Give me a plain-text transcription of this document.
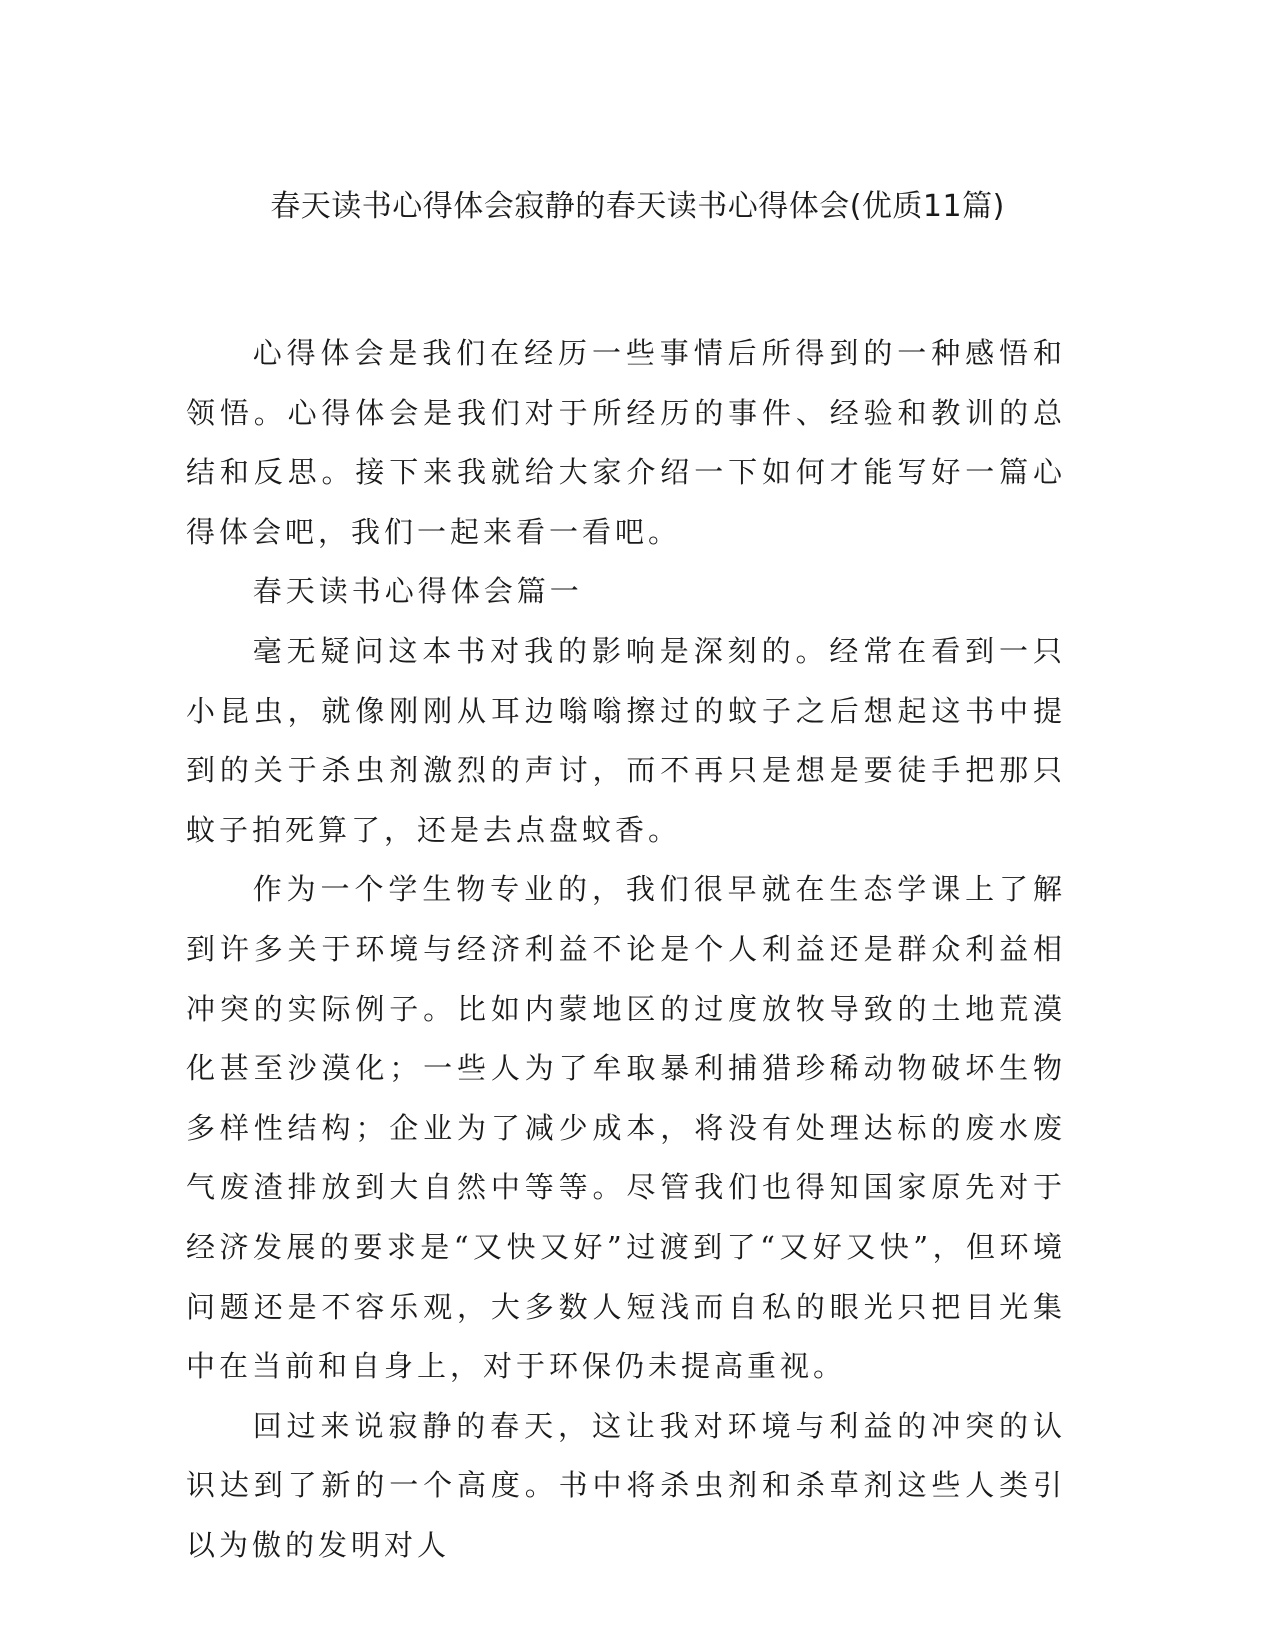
春天读书心得体会寂静的春天读书心得体会(优质11篇)

心得体会是我们在经历一些事情后所得到的一种感悟和领悟。心得体会是我们对于所经历的事件、经验和教训的总结和反思。接下来我就给大家介绍一下如何才能写好一篇心得体会吧，我们一起来看一看吧。

春天读书心得体会篇一

毫无疑问这本书对我的影响是深刻的。经常在看到一只小昆虫，就像刚刚从耳边嗡嗡擦过的蚊子之后想起这书中提到的关于杀虫剂激烈的声讨，而不再只是想是要徒手把那只蚊子拍死算了，还是去点盘蚊香。

作为一个学生物专业的，我们很早就在生态学课上了解到许多关于环境与经济利益不论是个人利益还是群众利益相冲突的实际例子。比如内蒙地区的过度放牧导致的土地荒漠化甚至沙漠化；一些人为了牟取暴利捕猎珍稀动物破坏生物多样性结构；企业为了减少成本，将没有处理达标的废水废气废渣排放到大自然中等等。尽管我们也得知国家原先对于经济发展的要求是“又快又好”过渡到了“又好又快”，但环境问题还是不容乐观，大多数人短浅而自私的眼光只把目光集中在当前和自身上，对于环保仍未提高重视。

回过来说寂静的春天，这让我对环境与利益的冲突的认识达到了新的一个高度。书中将杀虫剂和杀草剂这些人类引以为傲的发明对人
